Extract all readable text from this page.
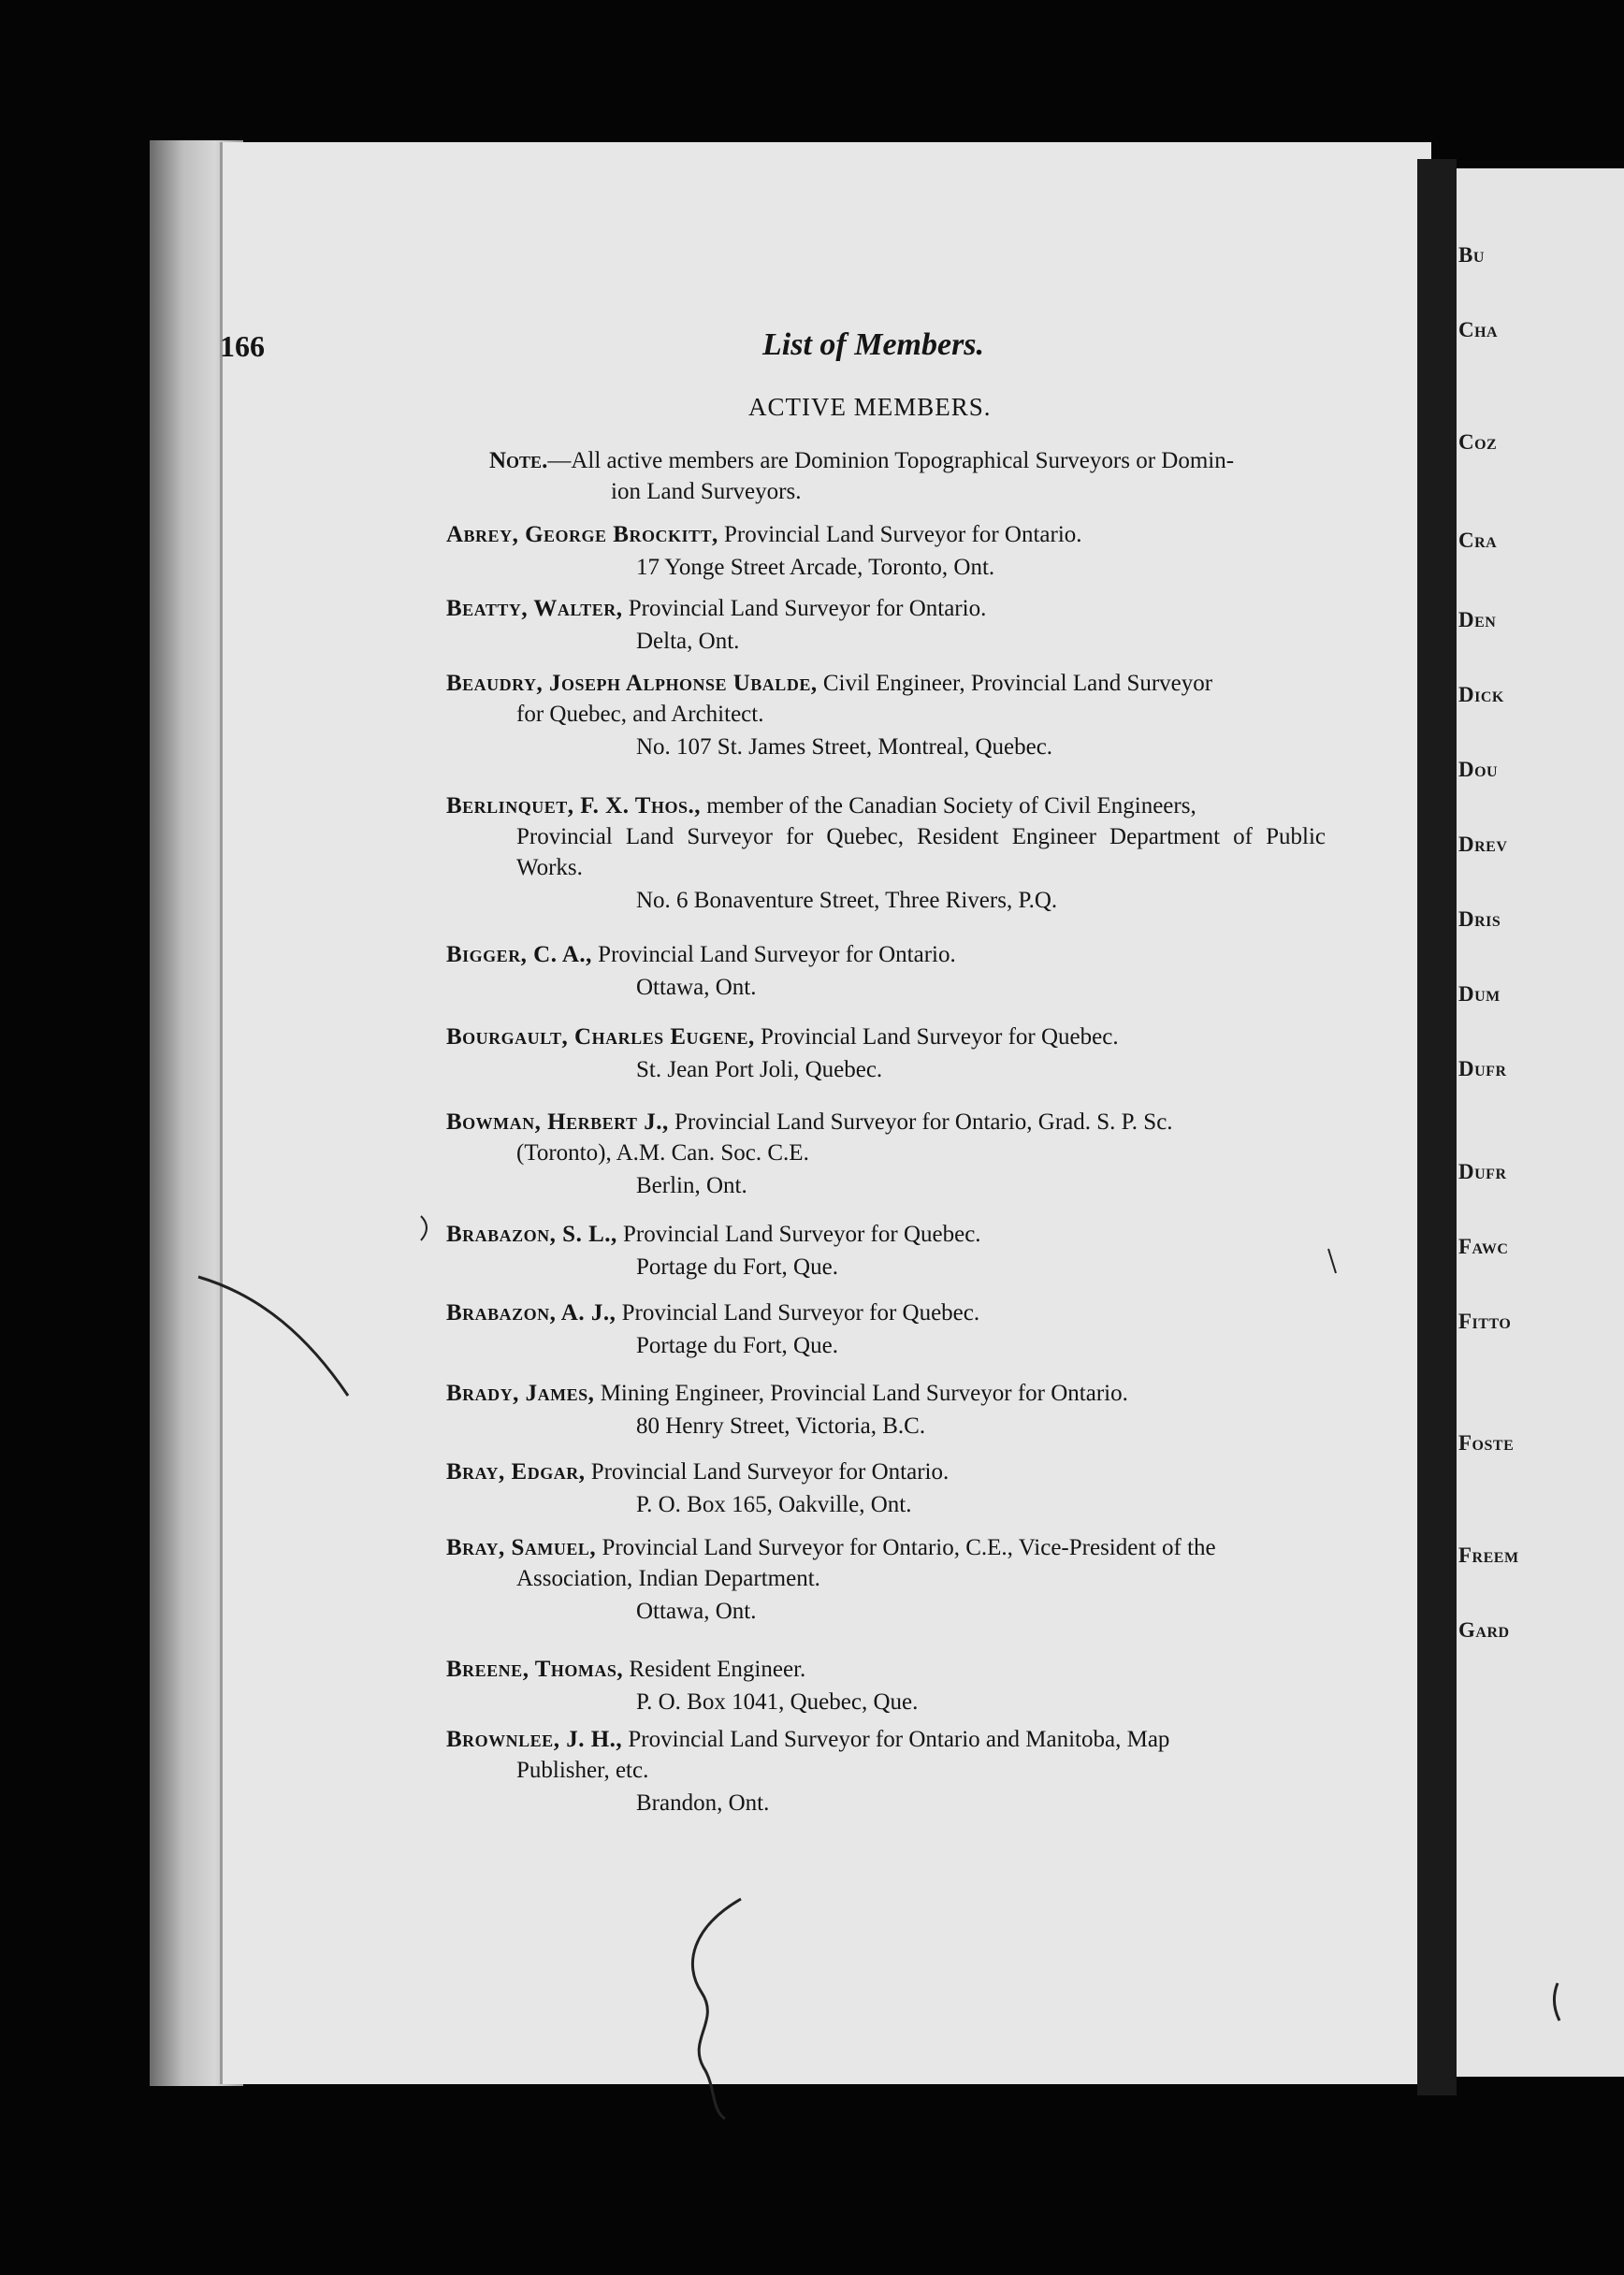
166	List of Members.
ACTIVE MEMBERS.
Note.—All active members are Dominion Topographical Surveyors or Domin-
ion Land Surveyors.
Abrey, George Brockitt, Provincial Land Surveyor for Ontario.
17 Yonge Street Arcade, Toronto, Ont.
Beatty, Walter, Provincial Land Surveyor for Ontario.
Delta, Ont.
Beaudry, Joseph Alphonse Ubalde, Civil Engineer, Provincial Land Surveyor
for Quebec, and Architect.
No. 107 St. James Street, Montreal, Quebec.
Berlinquet, F. X. Thos., member of the Canadian Society of Civil Engineers,
Provincial Land Surveyor for Quebec, Resident Engineer Department of Public Works.
No. 6 Bonaventure Street, Three Rivers, P.Q.
Bigger, C. A., Provincial Land Surveyor for Ontario.
Ottawa, Ont.
Bourgault, Charles Eugene, Provincial Land Surveyor for Quebec.
St. Jean Port Joli, Quebec.
Bowman, Herbert J., Provincial Land Surveyor for Ontario, Grad. S. P. Sc.
(Toronto), A.M. Can. Soc. C.E.
Berlin, Ont.
Brabazon, S. L., Provincial Land Surveyor for Quebec.
Portage du Fort, Que.
Brabazon, A. J., Provincial Land Surveyor for Quebec.
Portage du Fort, Que.
Brady, James, Mining Engineer, Provincial Land Surveyor for Ontario.
80 Henry Street, Victoria, B.C.
Bray, Edgar, Provincial Land Surveyor for Ontario.
P. O. Box 165, Oakville, Ont.
Bray, Samuel, Provincial Land Surveyor for Ontario, C.E., Vice-President of the
Association, Indian Department.
Ottawa, Ont.
Breene, Thomas, Resident Engineer.
P. O. Box 1041, Quebec, Que.
Brownlee, J. H., Provincial Land Surveyor for Ontario and Manitoba, Map
Publisher, etc.
Brandon, Ont.
Bu
Cha
Coz
Cra
Den
Dick
Dou
Drev
Dris
Dum
Dufr
Dufr
Fawc
Fitto
Foste
Freem
Gard
